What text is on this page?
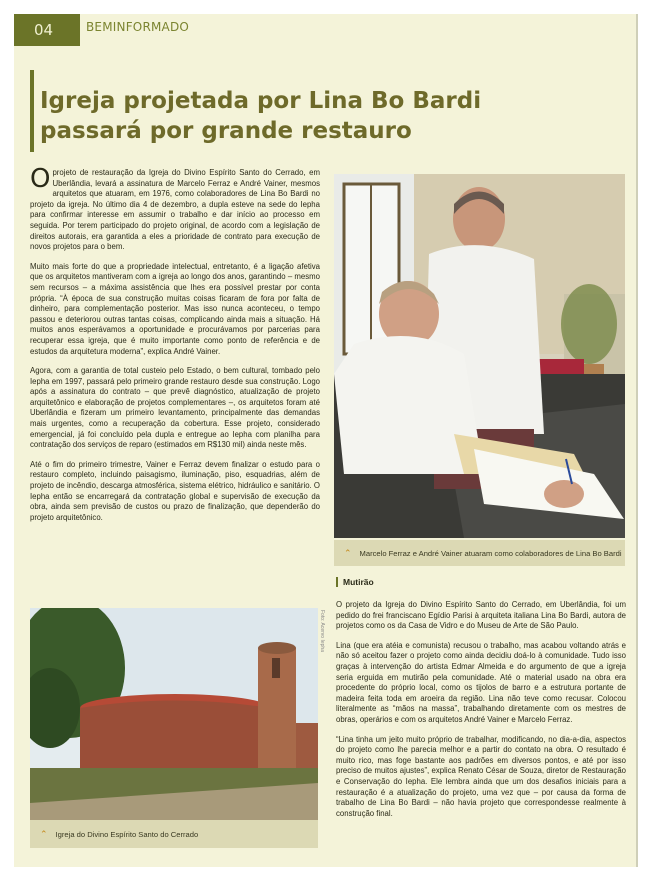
04	BEMINFORMADO
Igreja projetada por Lina Bo Bardi
passará por grande restauro

Oprojeto de restauração da Igreja do Divino Espírito Santo do Cerrado, em Uberlândia, levará a assinatura de Marcelo Ferraz e André Vainer, mesmos arquitetos que atuaram, em 1976, como colaboradores de Lina Bo Bardi no projeto da igreja. No último dia 4 de dezembro, a dupla esteve na sede do Iepha para confirmar interesse em assumir o trabalho e dar início ao processo em seguida. Por terem participado do projeto original, de acordo com a legislação de direitos autorais, era garantida a eles a prioridade de contrato para execução de novos projetos para o bem.

Muito mais forte do que a propriedade intelectual, entretanto, é a ligação afetiva que os arquitetos mantiveram com a igreja ao longo dos anos, garantindo – mesmo sem recursos – a máxima assistência que lhes era possível prestar por conta própria. “À época de sua construção muitas coisas ficaram de fora por falta de dinheiro, para complementação posterior. Mas isso nunca aconteceu, o tempo passou e deteriorou outras tantas coisas, complicando ainda mais a situação. Há muitos anos esperávamos a oportunidade e procurávamos por parcerias para recuperar essa igreja, que é muito importante como ponto de referência e de estudos da arquitetura moderna”, explica André Vainer.

Agora, com a garantia de total custeio pelo Estado, o bem cultural, tombado pelo Iepha em 1997, passará pelo primeiro grande restauro desde sua construção. Logo após a assinatura do contrato – que prevê diagnóstico, atualização de projeto arquitetônico e elaboração de projetos complementares –, os arquitetos foram até Uberlândia e fizeram um primeiro levantamento, principalmente das demandas mais urgentes, como a recuperação da cobertura. Esse projeto, considerado emergencial, já foi concluído pela dupla e entregue ao Iepha com planilha para contratação dos serviços de reparo (estimados em R$130 mil) ainda neste mês.

Até o fim do primeiro trimestre, Vainer e Ferraz devem finalizar o estudo para o restauro completo, incluindo paisagismo, iluminação, piso, esquadrias, além de projeto de incêndio, descarga atmosférica, sistema elétrico, hidráulico e sanitário. O Iepha então se encarregará da contratação global e supervisão de execução da obra, ainda sem previsão de custos ou prazo de finalização, que dependerão do projeto arquitetônico.

⌃ Marcelo Ferraz e André Vainer atuaram como colaboradores de Lina Bo Bardi
Mutirão
Foto: Acervo Iepha
⌃ Igreja do Divino Espírito Santo do Cerrado

O projeto da Igreja do Divino Espírito Santo do Cerrado, em Uberlândia, foi um pedido do frei franciscano Egídio Parisi à arquiteta italiana Lina Bo Bardi, autora de projetos como os da Casa de Vidro e do Museu de Arte de São Paulo.

Lina (que era atéia e comunista) recusou o trabalho, mas acabou voltando atrás e não só aceitou fazer o projeto como ainda decidiu doá-lo à comunidade. Tudo isso graças à intervenção do artista Edmar Almeida e do argumento de que a igreja seria erguida em mutirão pela comunidade. Até o material usado na obra era procedente do próprio local, como os tijolos de barro e a estrutura portante de madeira feita toda em aroeira da região. Lina não teve como recusar. Colocou literalmente as “mãos na massa”, trabalhando diretamente com os mestres de obras, operários e com os arquitetos André Vainer e Marcelo Ferraz.

“Lina tinha um jeito muito próprio de trabalhar, modificando, no dia-a-dia, aspectos do projeto como lhe parecia melhor e a partir do contato na obra. O resultado é muito rico, mas foge bastante aos padrões em diversos pontos, e até por isso preciso de muitos ajustes”, explica Renato César de Souza, diretor de Restauração e Conservação do Iepha. Ele lembra ainda que um dos desafios iniciais para a restauração é a atualização do projeto, uma vez que – por causa da forma de trabalho de Lina Bo Bardi – não havia projeto que correspondesse realmente à construção final.
